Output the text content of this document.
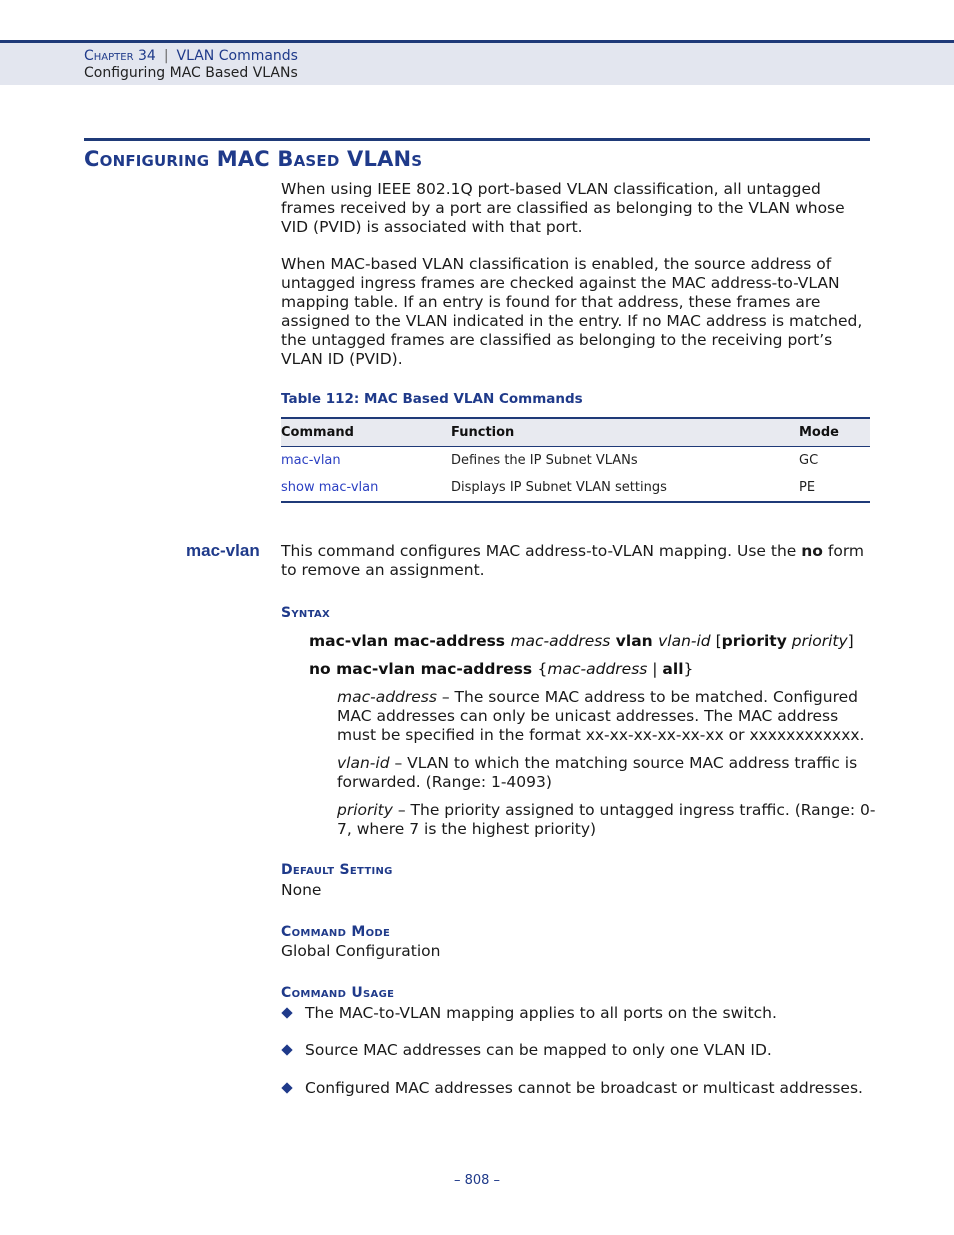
Chapter 34 | VLAN Commands
Configuring MAC Based VLANs
Configuring MAC Based VLANs
When using IEEE 802.1Q port-based VLAN classification, all untagged frames received by a port are classified as belonging to the VLAN whose VID (PVID) is associated with that port.
When MAC-based VLAN classification is enabled, the source address of untagged ingress frames are checked against the MAC address-to-VLAN mapping table. If an entry is found for that address, these frames are assigned to the VLAN indicated in the entry. If no MAC address is matched, the untagged frames are classified as belonging to the receiving port’s VLAN ID (PVID).
Table 112: MAC Based VLAN Commands
Command	Function	Mode
mac-vlan	Defines the IP Subnet VLANs	GC
show mac-vlan	Displays IP Subnet VLAN settings	PE
mac-vlan This command configures MAC address-to-VLAN mapping. Use the no form to remove an assignment.
Syntax
mac-vlan mac-address mac-address vlan vlan-id [priority priority]
no mac-vlan mac-address {mac-address | all}
mac-address – The source MAC address to be matched. Configured MAC addresses can only be unicast addresses. The MAC address must be specified in the format xx-xx-xx-xx-xx-xx or xxxxxxxxxxxx.
vlan-id – VLAN to which the matching source MAC address traffic is forwarded. (Range: 1-4093)
priority – The priority assigned to untagged ingress traffic. (Range: 0-7, where 7 is the highest priority)
Default Setting
None
Command Mode
Global Configuration
Command Usage
The MAC-to-VLAN mapping applies to all ports on the switch.
Source MAC addresses can be mapped to only one VLAN ID.
Configured MAC addresses cannot be broadcast or multicast addresses.
– 808 –
